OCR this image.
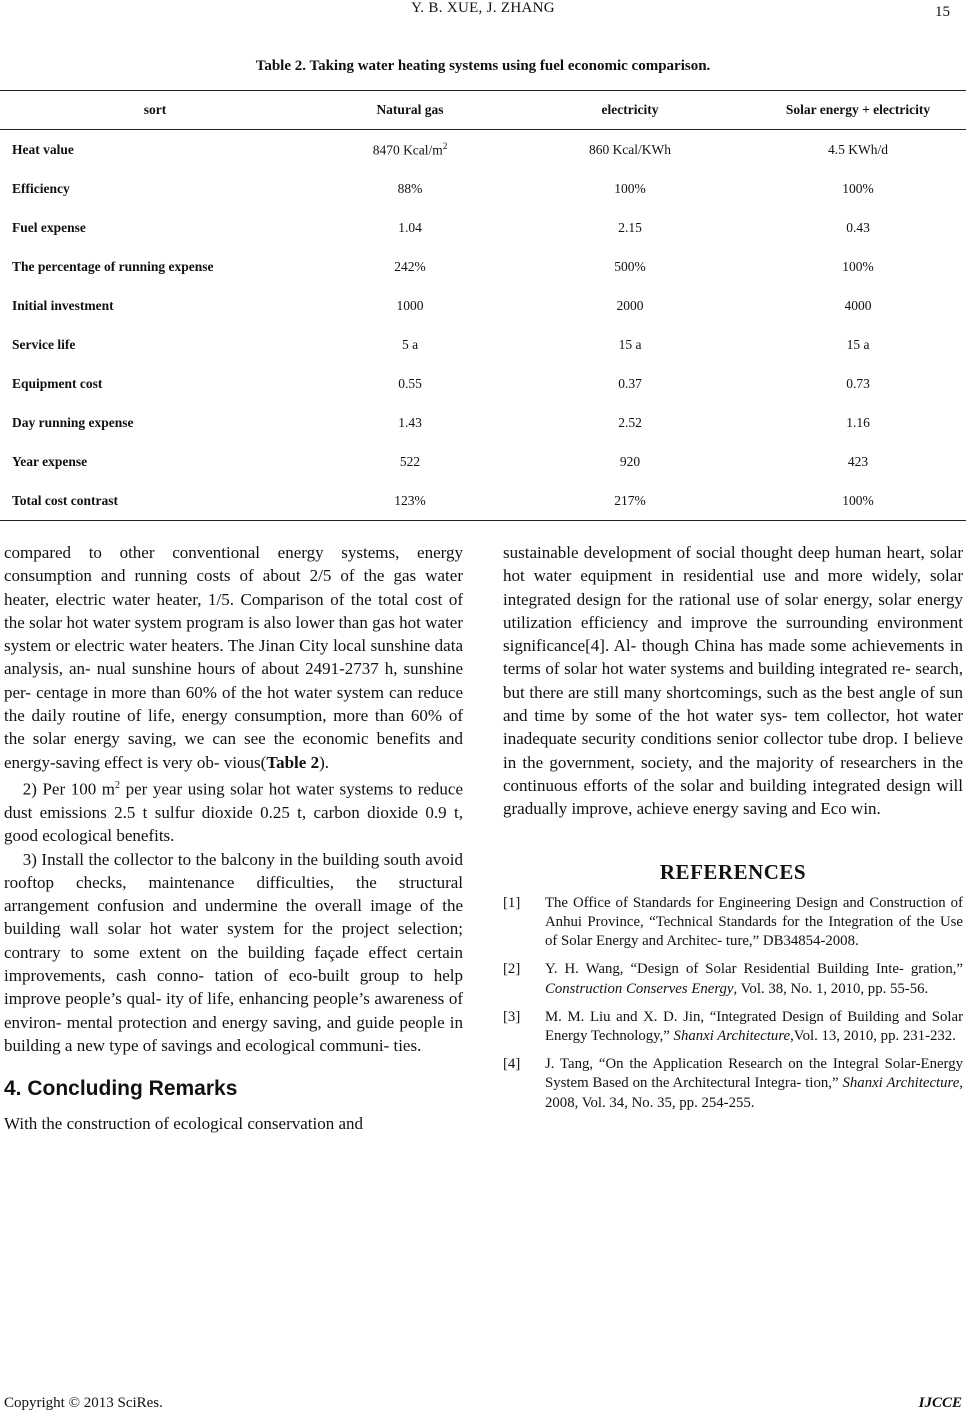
Y. B. XUE, J. ZHANG	15
Table 2. Taking water heating systems using fuel economic comparison.
sort	Natural gas	electricity	Solar energy + electricity
Heat value	8470 Kcal/$m^2$	860 Kcal/KWh	4.5 KWh/d
Efficiency	88%	100%	100%
Fuel expense	1.04	2.15	0.43
The percentage of running expense	242%	500%	100%
Initial investment	1000	2000	4000
Service life	5 a	15 a	15 a
Equipment cost	0.55	0.37	0.73
Day running expense	1.43	2.52	1.16
Year expense	522	920	423
Total cost contrast	123%	217%	100%

compared to other conventional energy systems, energy consumption and running costs of about 2/5 of the gas water heater, electric water heater, 1/5. Comparison of the total cost of the solar hot water system program is also lower than gas hot water system or electric water heaters. The Jinan City local sunshine data analysis, an- nual sunshine hours of about 2491-2737 h, sunshine per- centage in more than 60% of the hot water system can reduce the daily routine of life, energy consumption, more than 60% of the solar energy saving, we can see the economic benefits and energy-saving effect is very ob- vious(Table 2).

2) Per 100 $m^2$ per year using solar hot water systems to reduce dust emissions 2.5 t sulfur dioxide 0.25 t, carbon dioxide 0.9 t, good ecological benefits.

3) Install the collector to the balcony in the building south avoid rooftop checks, maintenance difficulties, the structural arrangement confusion and undermine the overall image of the building wall solar hot water system for the project selection; contrary to some extent on the building façade effect certain improvements, cash conno- tation of eco-built group to help improve people’s qual- ity of life, enhancing people’s awareness of environ- mental protection and energy saving, and guide people in building a new type of savings and ecological communi- ties.

4. Concluding Remarks

With the construction of ecological conservation and

sustainable development of social thought deep human heart, solar hot water equipment in residential use and more widely, solar integrated design for the rational use of solar energy, solar energy utilization efficiency and improve the surrounding environment significance[4]. Al- though China has made some achievements in terms of solar hot water systems and building integrated re- search, but there are still many shortcomings, such as the best angle of sun and time by some of the hot water sys- tem collector, hot water inadequate security conditions senior collector tube drop. I believe in the government, society, and the majority of researchers in the continuous efforts of the solar and building integrated design will gradually improve, achieve energy saving and Eco win.

REFERENCES

[1]	The Office of Standards for Engineering Design and Construction of Anhui Province, “Technical Standards for the Integration of the Use of Solar Energy and Architec- ture,” DB34854-2008.
[2]	Y. H. Wang, “Design of Solar Residential Building Inte- gration,” Construction Conserves Energy, Vol. 38, No. 1, 2010, pp. 55-56.
[3]	M. M. Liu and X. D. Jin, “Integrated Design of Building and Solar Energy Technology,” Shanxi Architecture,Vol. 13, 2010, pp. 231-232.
[4]	J. Tang, “On the Application Research on the Integral Solar-Energy System Based on the Architectural Integra- tion,” Shanxi Architecture, 2008, Vol. 34, No. 35, pp. 254-255.
Copyright © 2013 SciRes.	IJCCE
